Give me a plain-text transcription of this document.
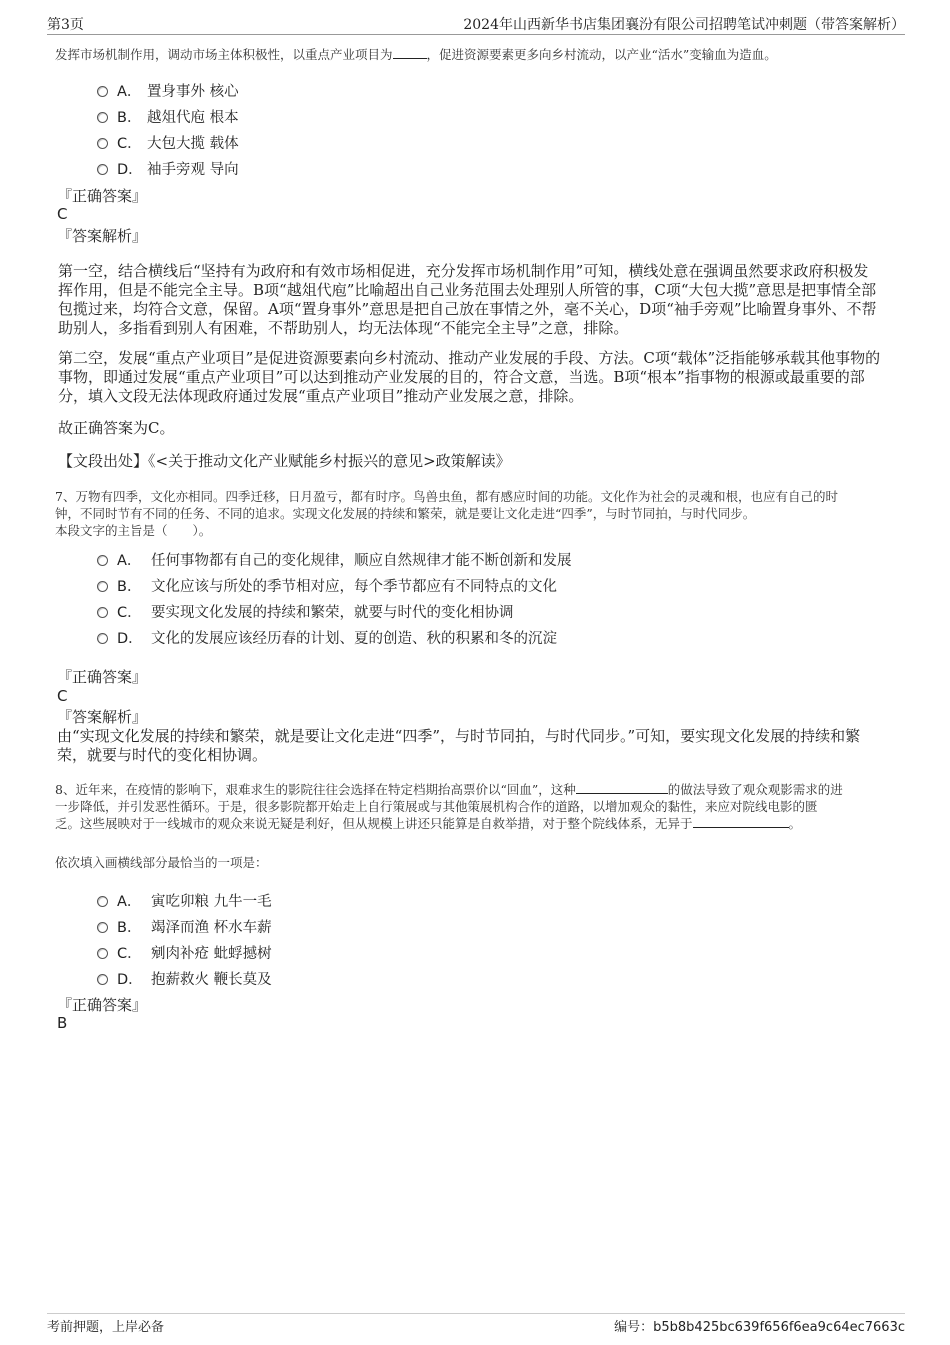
第3页	2024年山西新华书店集团襄汾有限公司招聘笔试冲刺题（带答案解析）
发挥市场机制作用，调动市场主体积极性，以重点产业项目为	，促进资源要素更多向乡村流动，以产业“活水”变输血为造血。
A． 置身事外 核心
B． 越俎代庖 根本
C． 大包大揽 载体
D． 袖手旁观 导向
『正确答案』
C
『答案解析』
第一空，结合横线后“坚持有为政府和有效市场相促进，充分发挥市场机制作用”可知，横线处意在强调虽然要求政府积极发
挥作用，但是不能完全主导。B项“越俎代庖”比喻超出自己业务范围去处理别人所管的事，C项“大包大揽”意思是把事情全部
包揽过来，均符合文意，保留。A项“置身事外”意思是把自己放在事情之外，毫不关心，D项“袖手旁观”比喻置身事外、不帮
助别人，多指看到别人有困难，不帮助别人，均无法体现“不能完全主导”之意，排除。
第二空，发展“重点产业项目”是促进资源要素向乡村流动、推动产业发展的手段、方法。C项“载体”泛指能够承载其他事物的
事物，即通过发展“重点产业项目”可以达到推动产业发展的目的，符合文意，当选。B项“根本”指事物的根源或最重要的部
分，填入文段无法体现政府通过发展“重点产业项目”推动产业发展之意，排除。
故正确答案为C。
【文段出处】《<关于推动文化产业赋能乡村振兴的意见>政策解读》
7、万物有四季，文化亦相同。四季迁移，日月盈亏，都有时序。鸟兽虫鱼，都有感应时间的功能。文化作为社会的灵魂和根，也应有自己的时
钟，不同时节有不同的任务、不同的追求。实现文化发展的持续和繁荣，就是要让文化走进“四季”，与时节同拍，与时代同步。
本段文字的主旨是（　　）。
A． 任何事物都有自己的变化规律，顺应自然规律才能不断创新和发展
B． 文化应该与所处的季节相对应，每个季节都应有不同特点的文化
C． 要实现文化发展的持续和繁荣，就要与时代的变化相协调
D． 文化的发展应该经历春的计划、夏的创造、秋的积累和冬的沉淀
『正确答案』
C
『答案解析』
由“实现文化发展的持续和繁荣，就是要让文化走进“四季”，与时节同拍，与时代同步。”可知，要实现文化发展的持续和繁
荣，就要与时代的变化相协调。
8、近年来，在疫情的影响下，艰难求生的影院往往会选择在特定档期抬高票价以“回血”，这种	的做法导致了观众观影需求的进
一步降低，并引发恶性循环。于是，很多影院都开始走上自行策展或与其他策展机构合作的道路，以增加观众的黏性，来应对院线电影的匮
乏。这些展映对于一线城市的观众来说无疑是利好，但从规模上讲还只能算是自救举措，对于整个院线体系，无异于	。
依次填入画横线部分最恰当的一项是：
A． 寅吃卯粮 九牛一毛
B． 竭泽而渔 杯水车薪
C． 剜肉补疮 蚍蜉撼树
D． 抱薪救火 鞭长莫及
『正确答案』
B
考前押题，上岸必备	编号：b5b8b425bc639f656f6ea9c64ec7663c
